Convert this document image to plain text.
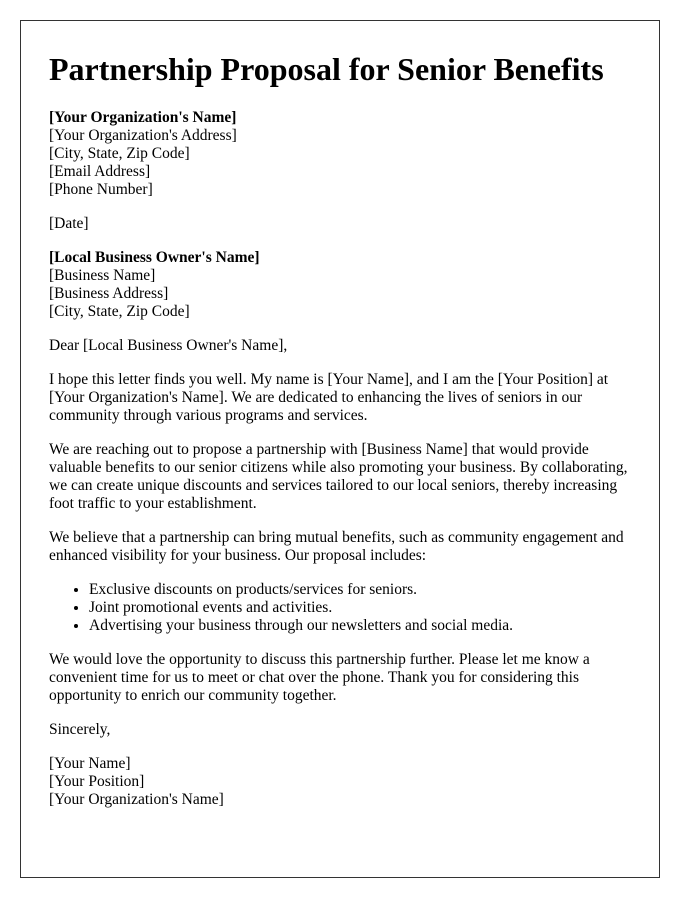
Partnership Proposal for Senior Benefits
[Your Organization's Name]
[Your Organization's Address]
[City, State, Zip Code]
[Email Address]
[Phone Number]
[Date]
[Local Business Owner's Name]
[Business Name]
[Business Address]
[City, State, Zip Code]

Dear [Local Business Owner's Name],

I hope this letter finds you well. My name is [Your Name], and I am the [Your Position] at [Your Organization's Name]. We are dedicated to enhancing the lives of seniors in our community through various programs and services.

We are reaching out to propose a partnership with [Business Name] that would provide valuable benefits to our senior citizens while also promoting your business. By collaborating, we can create unique discounts and services tailored to our local seniors, thereby increasing foot traffic to your establishment.

We believe that a partnership can bring mutual benefits, such as community engagement and enhanced visibility for your business. Our proposal includes:

• Exclusive discounts on products/services for seniors.
• Joint promotional events and activities.
• Advertising your business through our newsletters and social media.

We would love the opportunity to discuss this partnership further. Please let me know a convenient time for us to meet or chat over the phone. Thank you for considering this opportunity to enrich our community together.

Sincerely,

[Your Name]
[Your Position]
[Your Organization's Name]
